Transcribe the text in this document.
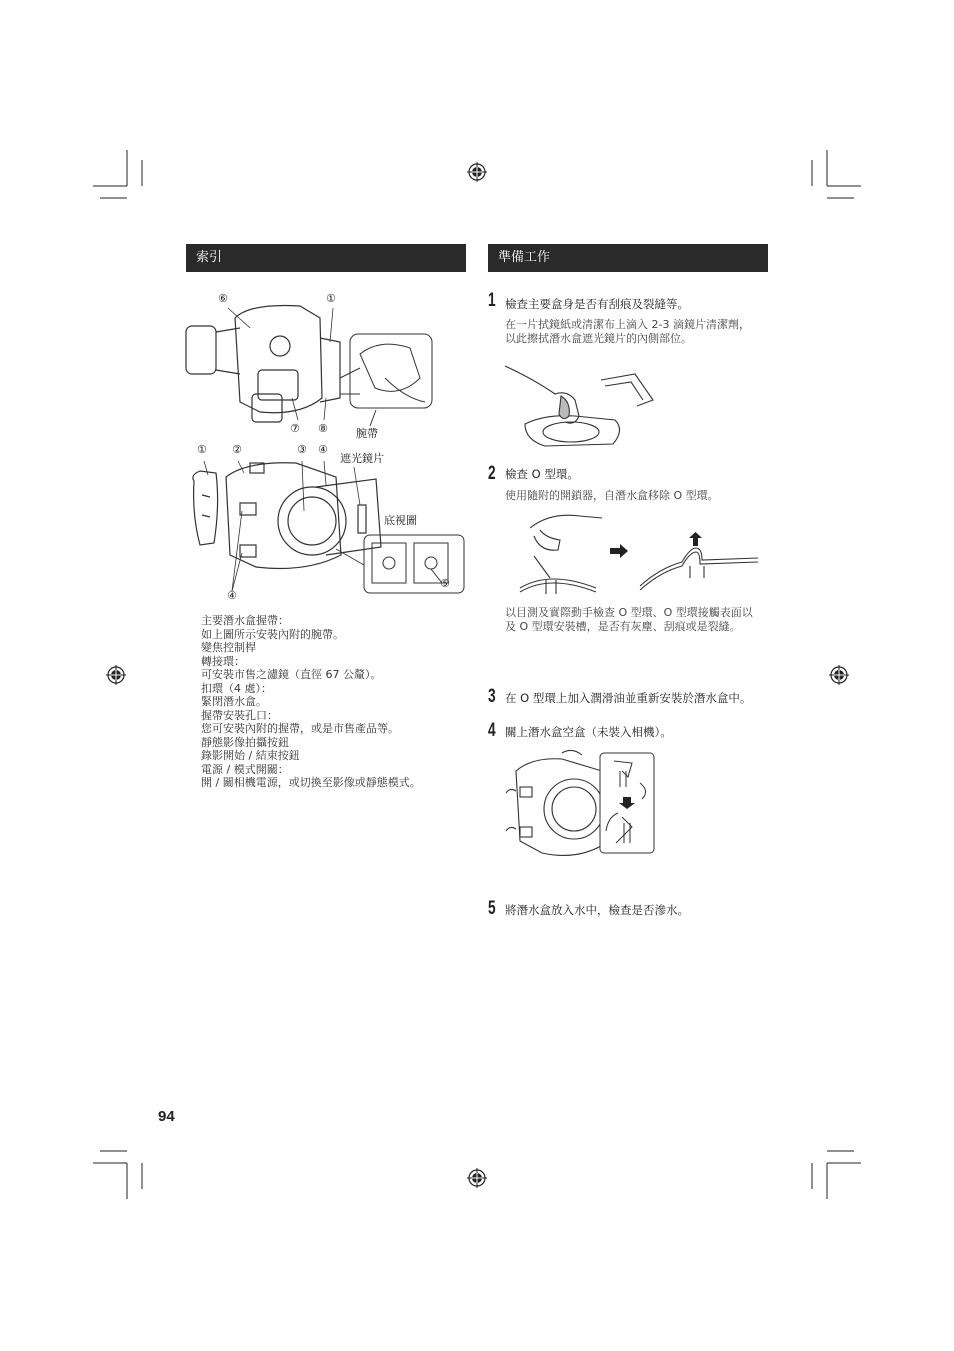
索引	準備工作
⑥	①
⑦ ⑧	腕帶
① ②	③ ④
遮光鏡片
底視圖
④
⑤
主要潛水盒握帶：
如上圖所示安裝內附的腕帶。
變焦控制桿
轉接環：
可安裝市售之濾鏡（直徑 67 公釐）。
扣環（4 處）：
緊閉潛水盒。
握帶安裝孔口：
您可安裝內附的握帶，或是市售產品等。
靜態影像拍攝按鈕
錄影開始 / 結束按鈕
電源 / 模式開關：
開 / 關相機電源，或切換至影像或靜態模式。
1 檢查主要盒身是否有刮痕及裂縫等。
在一片拭鏡紙或清潔布上滴入 2-3 滴鏡片清潔劑，
以此擦拭潛水盒遮光鏡片的內側部位。
2 檢查 O 型環。
使用隨附的開鎖器，自潛水盒移除 O 型環。
以目測及實際動手檢查 O 型環、O 型環接觸表面以
及 O 型環安裝槽，是否有灰塵、刮痕或是裂縫。
3 在 O 型環上加入潤滑油並重新安裝於潛水盒中。
4 關上潛水盒空盒（未裝入相機）。
5 將潛水盒放入水中，檢查是否滲水。
94
